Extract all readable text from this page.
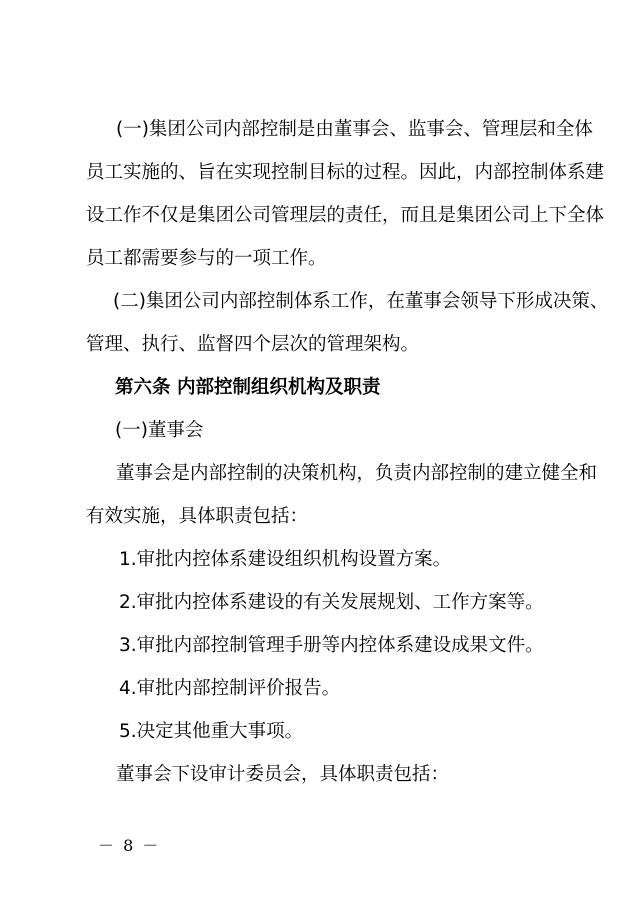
(一)集团公司内部控制是由董事会、监事会、管理层和全体
员工实施的、旨在实现控制目标的过程。因此，内部控制体系建
设工作不仅是集团公司管理层的责任，而且是集团公司上下全体
员工都需要参与的一项工作。
(二)集团公司内部控制体系工作，在董事会领导下形成决策、
管理、执行、监督四个层次的管理架构。
第六条 内部控制组织机构及职责
(一)董事会
董事会是内部控制的决策机构，负责内部控制的建立健全和
有效实施，具体职责包括：
1.审批内控体系建设组织机构设置方案。
2.审批内控体系建设的有关发展规划、工作方案等。
3.审批内部控制管理手册等内控体系建设成果文件。
4.审批内部控制评价报告。
5.决定其他重大事项。
董事会下设审计委员会，具体职责包括：
－ 8 －
